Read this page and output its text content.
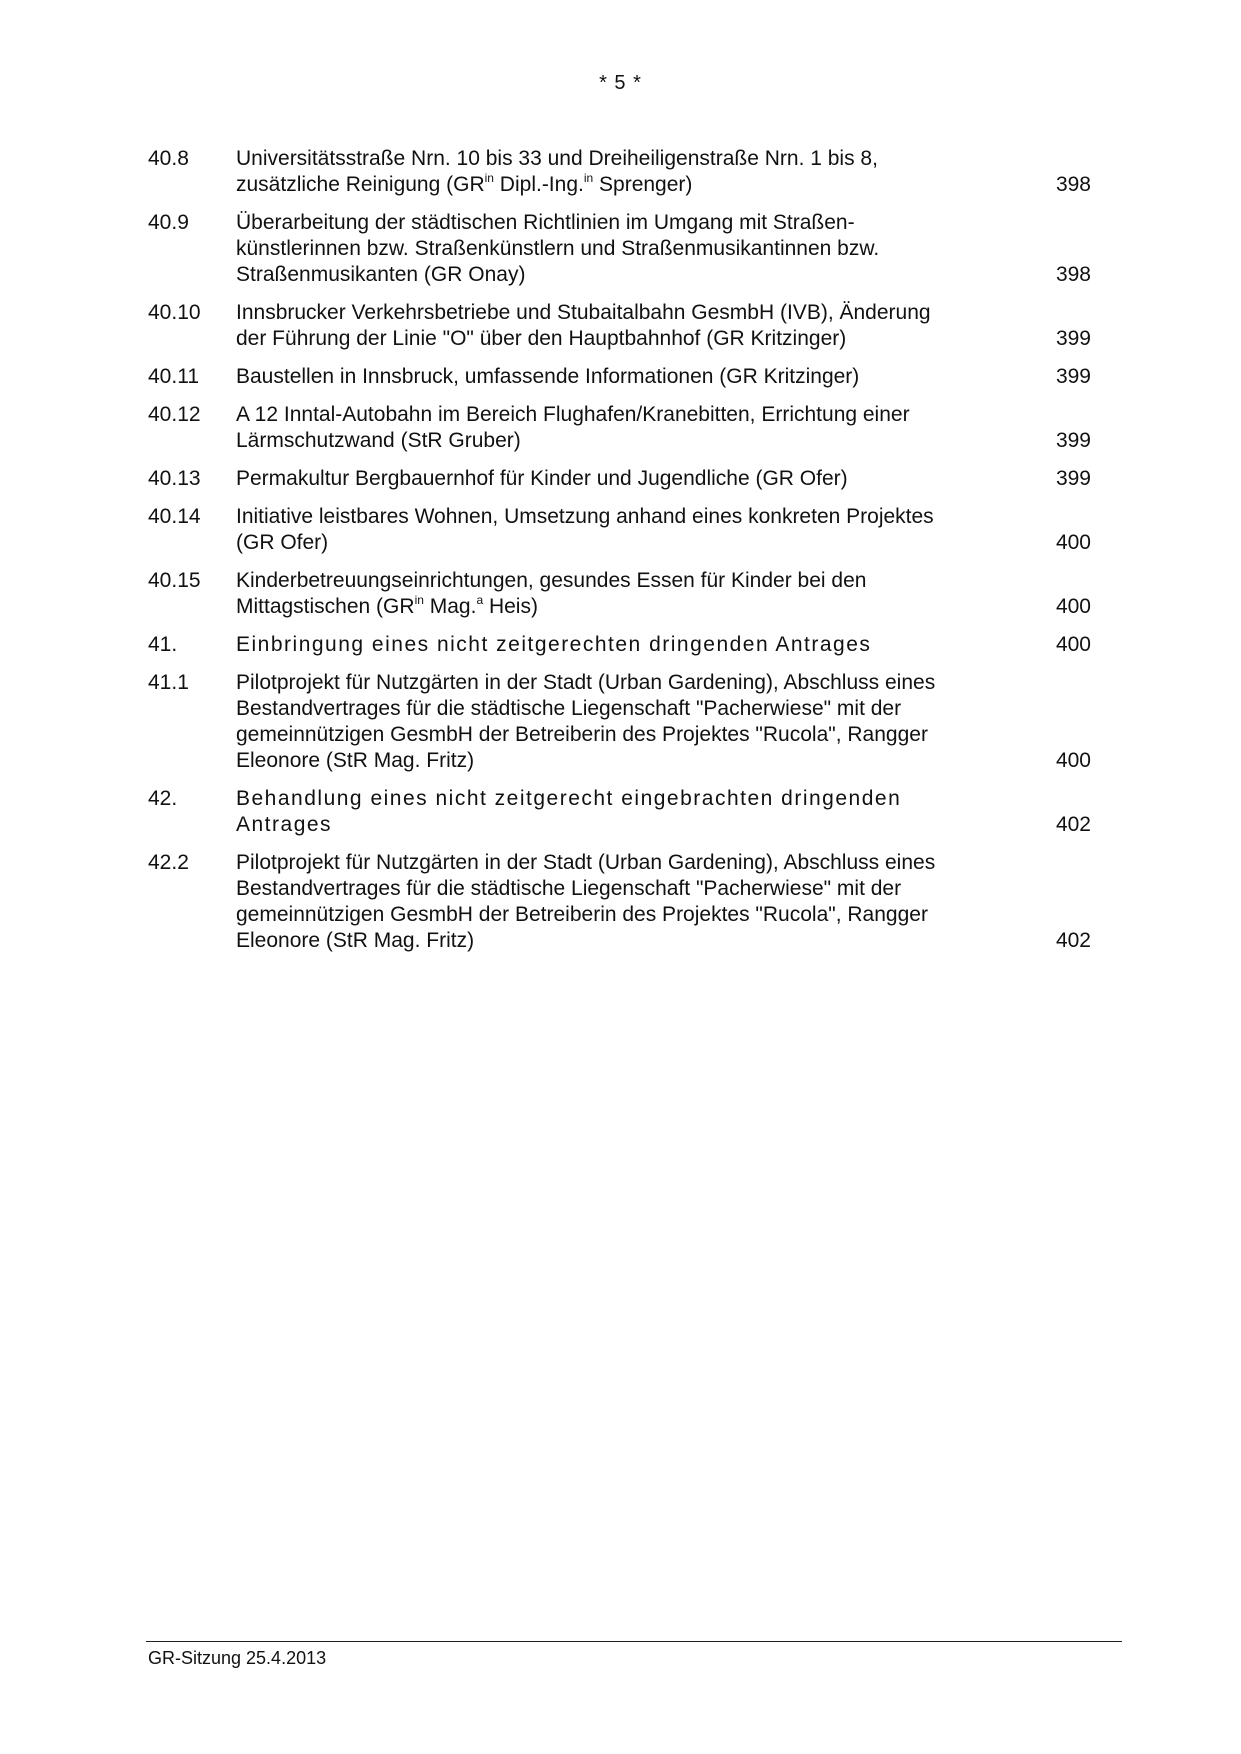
* 5 *
40.8	Universitätsstraße Nrn. 10 bis 33 und Dreiheiligenstraße Nrn. 1 bis 8,
zusätzliche Reinigung ($GR^{in}$ Dipl.-Ing.$^{in}$ Sprenger)	398
40.9	Überarbeitung der städtischen Richtlinien im Umgang mit Straßen-
künstlerinnen bzw. Straßenkünstlern und Straßenmusikantinnen bzw.
Straßenmusikanten (GR Onay)	398
40.10	Innsbrucker Verkehrsbetriebe und Stubaitalbahn GesmbH (IVB), Änderung
der Führung der Linie "O" über den Hauptbahnhof (GR Kritzinger)	399
40.11	Baustellen in Innsbruck, umfassende Informationen (GR Kritzinger)	399
40.12	A 12 Inntal-Autobahn im Bereich Flughafen/Kranebitten, Errichtung einer
Lärmschutzwand (StR Gruber)	399
40.13	Permakultur Bergbauernhof für Kinder und Jugendliche (GR Ofer)	399
40.14	Initiative leistbares Wohnen, Umsetzung anhand eines konkreten Projektes
(GR Ofer)	400
40.15	Kinderbetreuungseinrichtungen, gesundes Essen für Kinder bei den
Mittagstischen ($GR^{in}$ Mag.$^a$ Heis)	400
41.	Einbringung eines nicht zeitgerechten dringenden Antrages	400
41.1	Pilotprojekt für Nutzgärten in der Stadt (Urban Gardening), Abschluss eines
Bestandvertrages für die städtische Liegenschaft "Pacherwiese" mit der
gemeinnützigen GesmbH der Betreiberin des Projektes "Rucola", Rangger
Eleonore (StR Mag. Fritz)	400
42.	Behandlung eines nicht zeitgerecht eingebrachten dringenden
Antrages	402
42.2	Pilotprojekt für Nutzgärten in der Stadt (Urban Gardening), Abschluss eines
Bestandvertrages für die städtische Liegenschaft "Pacherwiese" mit der
gemeinnützigen GesmbH der Betreiberin des Projektes "Rucola", Rangger
Eleonore (StR Mag. Fritz)	402
GR-Sitzung 25.4.2013
